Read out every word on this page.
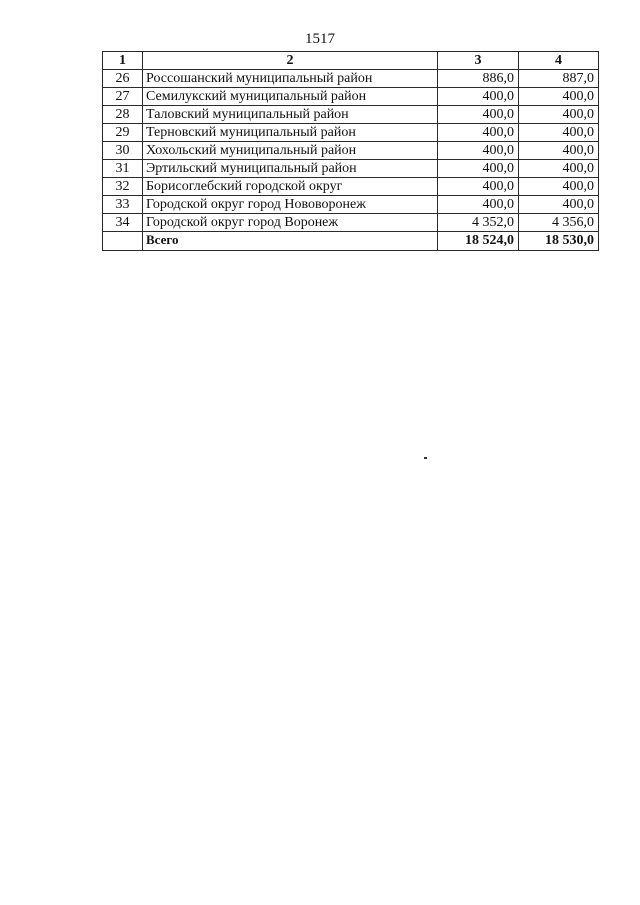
1517
1	2	3	4
26	Россошанский муниципальный район	886,0	887,0
27	Семилукский муниципальный район	400,0	400,0
28	Таловский муниципальный район	400,0	400,0
29	Терновский муниципальный район	400,0	400,0
30	Хохольский муниципальный район	400,0	400,0
31	Эртильский муниципальный район	400,0	400,0
32	Борисоглебский городской округ	400,0	400,0
33	Городской округ город Нововоронеж	400,0	400,0
34	Городской округ город Воронеж	4 352,0	4 356,0
	Всего	18 524,0	18 530,0
